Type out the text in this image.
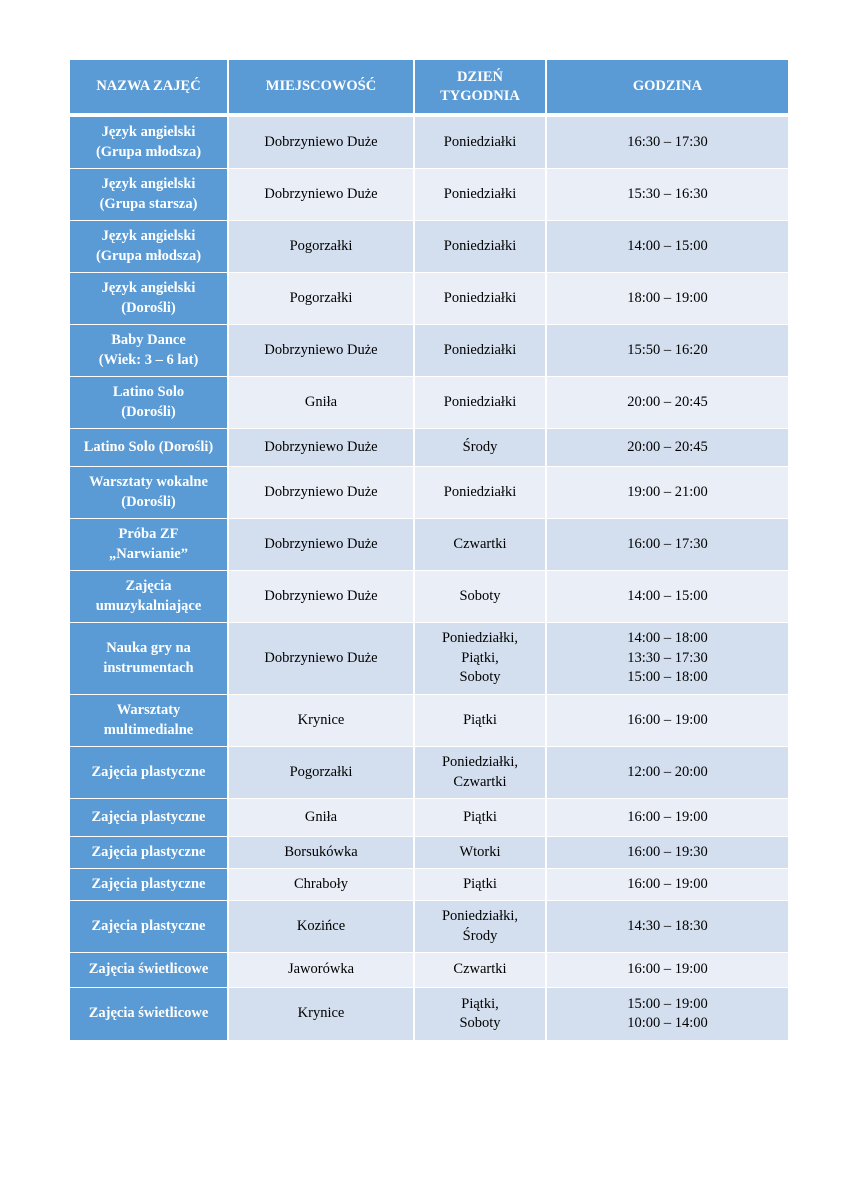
NAZWA ZAJĘĆ	MIEJSCOWOŚĆ	DZIEŃ
TYGODNIA	GODZINA

Język angielski
(Grupa młodsza)	Dobrzyniewo Duże	Poniedziałki	16:30 – 17:30

Język angielski
(Grupa starsza)	Dobrzyniewo Duże	Poniedziałki	15:30 – 16:30

Język angielski
(Grupa młodsza)	Pogorzałki	Poniedziałki	14:00 – 15:00

Język angielski
(Dorośli)	Pogorzałki	Poniedziałki	18:00 – 19:00

Baby Dance
(Wiek: 3 – 6 lat)	Dobrzyniewo Duże	Poniedziałki	15:50 – 16:20

Latino Solo
(Dorośli)	Gniła	Poniedziałki	20:00 – 20:45

Latino Solo (Dorośli)	Dobrzyniewo Duże	Środy	20:00 – 20:45

Warsztaty wokalne
(Dorośli)	Dobrzyniewo Duże	Poniedziałki	19:00 – 21:00

Próba ZF
„Narwianie”	Dobrzyniewo Duże	Czwartki	16:00 – 17:30

Zajęcia
umuzykalniające	Dobrzyniewo Duże	Soboty	14:00 – 15:00

Nauka gry na
instrumentach	Dobrzyniewo Duże	Poniedziałki,
Piątki,
Soboty	14:00 – 18:00
13:30 – 17:30
15:00 – 18:00

Warsztaty
multimedialne	Krynice	Piątki	16:00 – 19:00

Zajęcia plastyczne	Pogorzałki	Poniedziałki,
Czwartki	12:00 – 20:00

Zajęcia plastyczne	Gniła	Piątki	16:00 – 19:00

Zajęcia plastyczne	Borsukówka	Wtorki	16:00 – 19:30

Zajęcia plastyczne	Chraboły	Piątki	16:00 – 19:00

Zajęcia plastyczne	Kozińce	Poniedziałki,
Środy	14:30 – 18:30

Zajęcia świetlicowe	Jaworówka	Czwartki	16:00 – 19:00

Zajęcia świetlicowe	Krynice	Piątki,
Soboty	15:00 – 19:00
10:00 – 14:00
